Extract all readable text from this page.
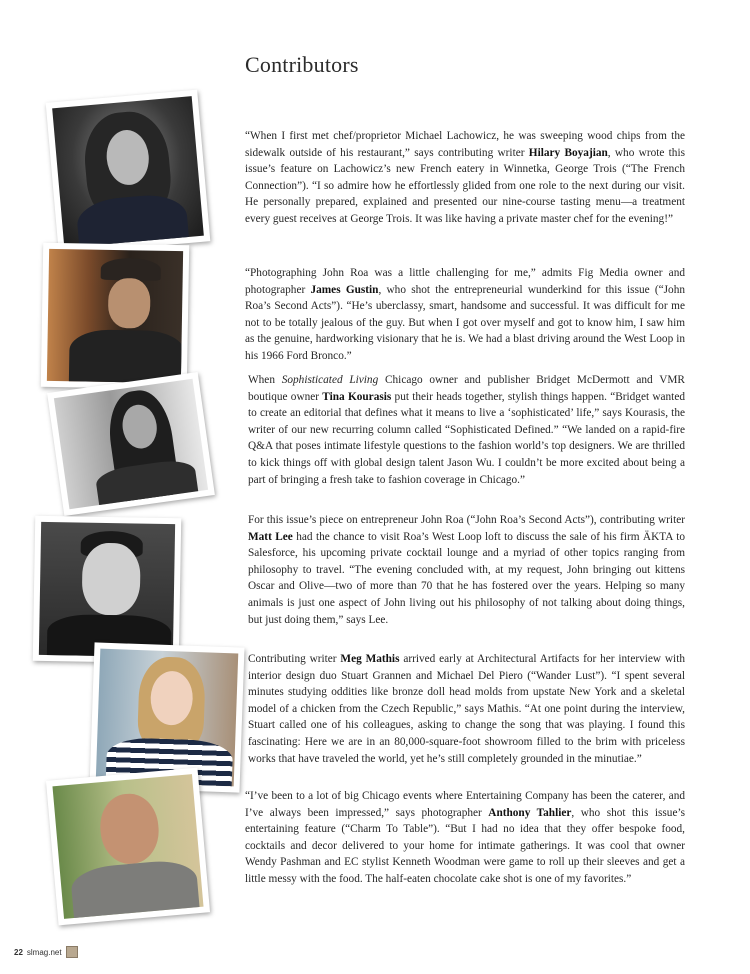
Contributors
“When I first met chef/proprietor Michael Lachowicz, he was sweeping wood chips from the sidewalk outside of his restaurant,” says contributing writer Hilary Boyajian, who wrote this issue’s feature on Lachowicz’s new French eatery in Winnetka, George Trois (“The French Connection”). “I so admire how he effortlessly glided from one role to the next during our visit. He personally prepared, explained and presented our nine-course tasting menu—a treatment every guest receives at George Trois. It was like having a private master chef for the evening!”
“Photographing John Roa was a little challenging for me,” admits Fig Media owner and photographer James Gustin, who shot the entrepreneurial wunderkind for this issue (“John Roa’s Second Acts”). “He’s uberclassy, smart, handsome and successful. It was difficult for me not to be totally jealous of the guy. But when I got over myself and got to know him, I saw him as the genuine, hardworking visionary that he is. We had a blast driving around the West Loop in his 1966 Ford Bronco.”
When Sophisticated Living Chicago owner and publisher Bridget McDermott and VMR boutique owner Tina Kourasis put their heads together, stylish things happen. “Bridget wanted to create an editorial that defines what it means to live a ‘sophisticated’ life,” says Kourasis, the writer of our new recurring column called “Sophisticated Defined.” “We landed on a rapid-fire Q&A that poses intimate lifestyle questions to the fashion world’s top designers. We are thrilled to kick things off with global design talent Jason Wu. I couldn’t be more excited about being a part of bringing a fresh take to fashion coverage in Chicago.”
For this issue’s piece on entrepreneur John Roa (“John Roa’s Second Acts”), contributing writer Matt Lee had the chance to visit Roa’s West Loop loft to discuss the sale of his firm ÄKTA to Salesforce, his upcoming private cocktail lounge and a myriad of other topics ranging from philosophy to travel. “The evening concluded with, at my request, John bringing out kittens Oscar and Olive—two of more than 70 that he has fostered over the years. Helping so many animals is just one aspect of John living out his philosophy of not talking about doing things, but just doing them,” says Lee.
Contributing writer Meg Mathis arrived early at Architectural Artifacts for her interview with interior design duo Stuart Grannen and Michael Del Piero (“Wander Lust”). “I spent several minutes studying oddities like bronze doll head molds from upstate New York and a skeletal model of a chicken from the Czech Republic,” says Mathis. “At one point during the interview, Stuart called one of his colleagues, asking to change the song that was playing. I found this fascinating: Here we are in an 80,000-square-foot showroom filled to the brim with priceless works that have traveled the world, yet he’s still completely grounded in the minutiae.”
“I’ve been to a lot of big Chicago events where Entertaining Company has been the caterer, and I’ve always been impressed,” says photographer Anthony Tahlier, who shot this issue’s entertaining feature (“Charm To Table”). “But I had no idea that they offer bespoke food, cocktails and decor delivered to your home for intimate gatherings. It was cool that owner Wendy Pashman and EC stylist Kenneth Woodman were game to roll up their sleeves and get a little messy with the food. The half-eaten chocolate cake shot is one of my favorites.”
22 slmag.net
